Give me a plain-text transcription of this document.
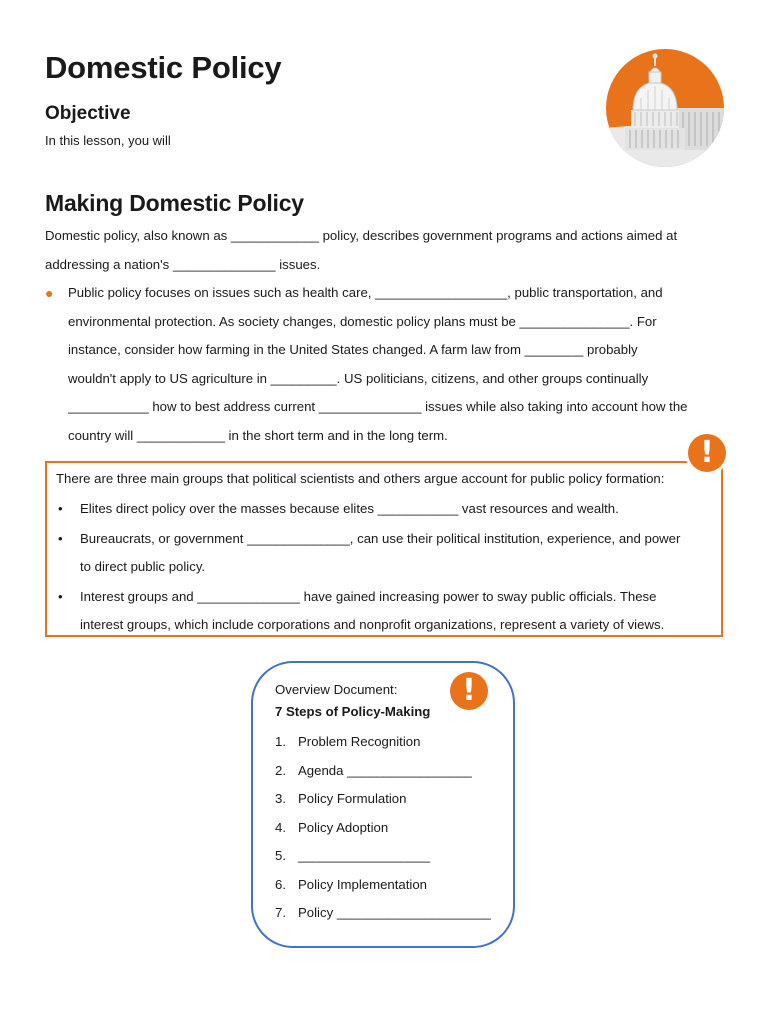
Domestic Policy
Objective

In this lesson, you will

Making Domestic Policy

Domestic policy, also known as ____________ policy, describes government programs and actions aimed at
addressing a nation's ______________ issues.

● Public policy focuses on issues such as health care, __________________, public transportation, and
environmental protection. As society changes, domestic policy plans must be _______________. For
instance, consider how farming in the United States changed. A farm law from ________ probably
wouldn't apply to US agriculture in _________. US politicians, citizens, and other groups continually
___________ how to best address current ______________ issues while also taking into account how the
country will ____________ in the short term and in the long term.
There are three main groups that political scientists and others argue account for public policy formation:
• Elites direct policy over the masses because elites ___________ vast resources and wealth.
• Bureaucrats, or government ______________, can use their political institution, experience, and power
to direct public policy.
• Interest groups and ______________ have gained increasing power to sway public officials. These
interest groups, which include corporations and nonprofit organizations, represent a variety of views.
!
Overview Document:
7 Steps of Policy-Making
1. Problem Recognition
2. Agenda _________________
3. Policy Formulation
4. Policy Adoption
5. __________________
6. Policy Implementation
7. Policy _____________________
!
